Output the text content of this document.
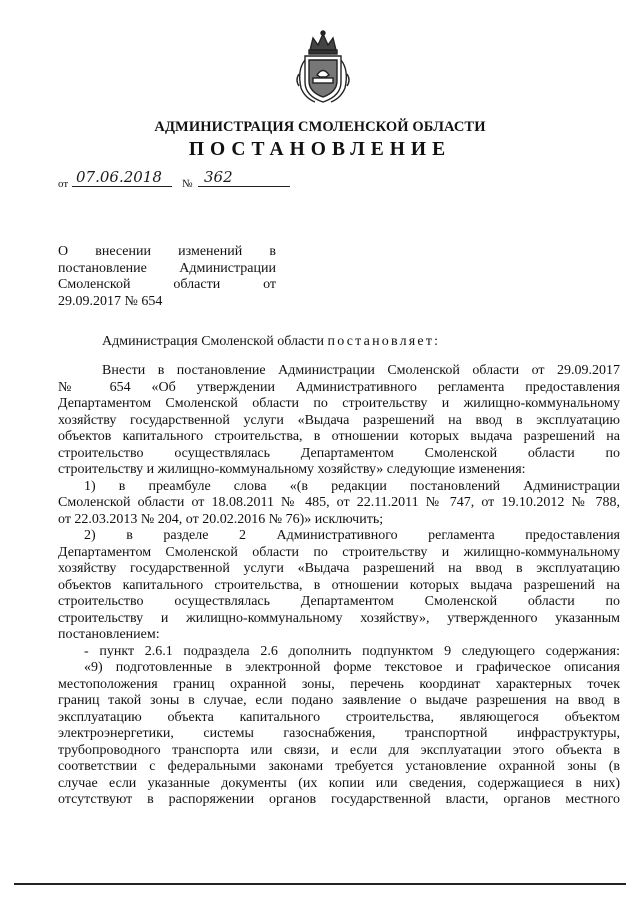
АДМИНИСТРАЦИЯ СМОЛЕНСКОЙ ОБЛАСТИ
ПОСТАНОВЛЕНИЕ
от 07.06.2018 № 362
О внесении изменений в
постановление Администрации
Смоленской области от
29.09.2017 № 654
Администрация Смоленской области постановляет:
Внести в постановление Администрации Смоленской области от 29.09.2017
№ 654 «Об утверждении Административного регламента предоставления
Департаментом Смоленской области по строительству и жилищно-коммунальному
хозяйству государственной услуги «Выдача разрешений на ввод в эксплуатацию
объектов капитального строительства, в отношении которых выдача разрешений на
строительство осуществлялась Департаментом Смоленской области по
строительству и жилищно-коммунальному хозяйству» следующие изменения:
1) в преамбуле слова «(в редакции постановлений Администрации
Смоленской области от 18.08.2011 № 485, от 22.11.2011 № 747, от 19.10.2012 № 788,
от 22.03.2013 № 204, от 20.02.2016 № 76)» исключить;
2) в разделе 2 Административного регламента предоставления
Департаментом Смоленской области по строительству и жилищно-коммунальному
хозяйству государственной услуги «Выдача разрешений на ввод в эксплуатацию
объектов капитального строительства, в отношении которых выдача разрешений на
строительство осуществлялась Департаментом Смоленской области по
строительству и жилищно-коммунальному хозяйству», утвержденного указанным
постановлением:
- пункт 2.6.1 подраздела 2.6 дополнить подпунктом 9 следующего содержания:
«9) подготовленные в электронной форме текстовое и графическое описания
местоположения границ охранной зоны, перечень координат характерных точек
границ такой зоны в случае, если подано заявление о выдаче разрешения на ввод в
эксплуатацию объекта капитального строительства, являющегося объектом
электроэнергетики, системы газоснабжения, транспортной инфраструктуры,
трубопроводного транспорта или связи, и если для эксплуатации этого объекта в
соответствии с федеральными законами требуется установление охранной зоны (в
случае если указанные документы (их копии или сведения, содержащиеся в них)
отсутствуют в распоряжении органов государственной власти, органов местного
